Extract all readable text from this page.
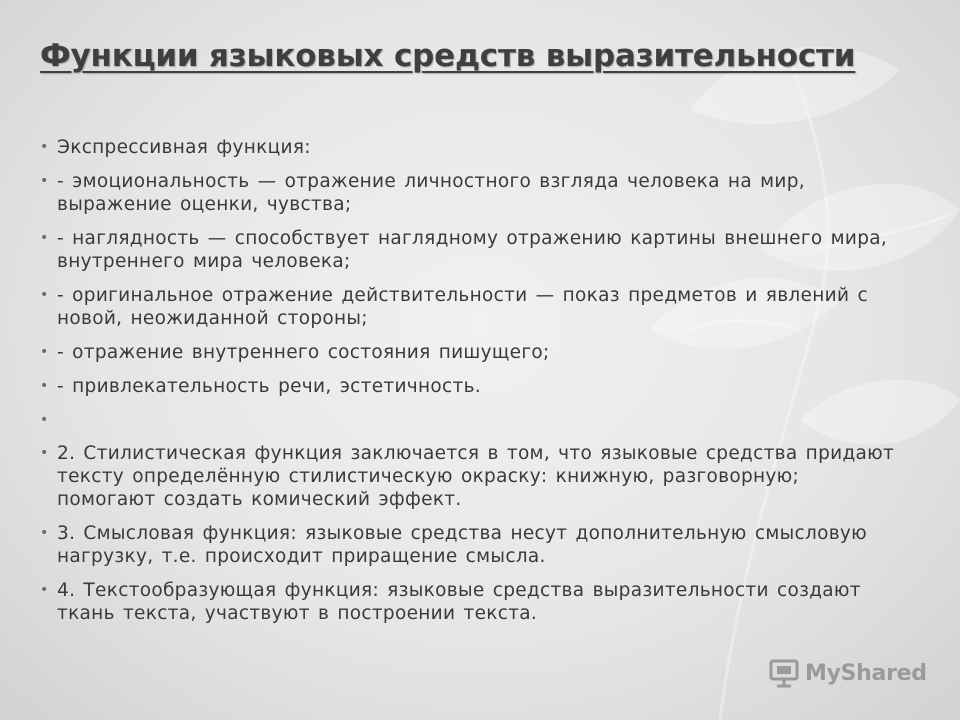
Функции языковых средств выразительности
• Экспрессивная функция:
• - эмоциональность — отражение личностного взгляда человека на мир, выражение оценки, чувства;
• - наглядность — способствует наглядному отражению картины внешнего мира, внутреннего мира человека;
• - оригинальное отражение действительности — показ предметов и явлений с новой, неожиданной стороны;
• - отражение внутреннего состояния пишущего;
• - привлекательность речи, эстетичность.
•
• 2. Стилистическая функция заключается в том, что языковые средства придают тексту определённую стилистическую окраску: книжную, разговорную; помогают создать комический эффект.
• 3. Смысловая функция: языковые средства несут дополнительную смысловую нагрузку, т.е. происходит приращение смысла.
• 4. Текстообразующая функция: языковые средства выразительности создают ткань текста, участвуют в построении текста.
MyShared
